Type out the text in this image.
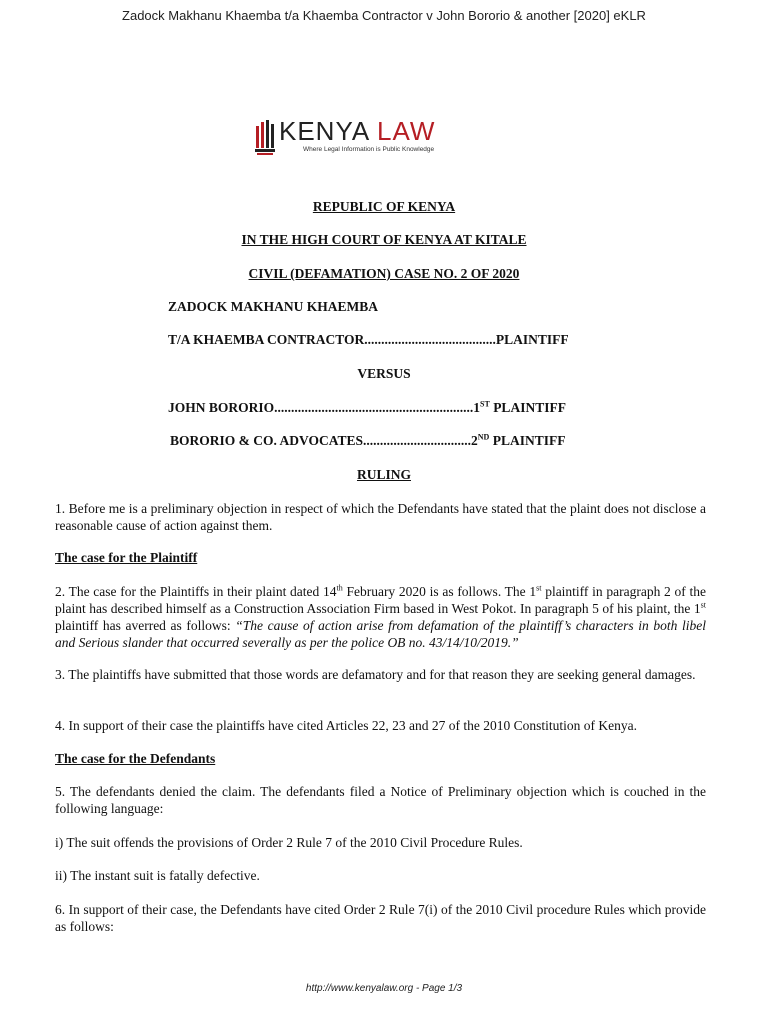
Zadock Makhanu Khaemba t/a Khaemba Contractor v John Bororio & another [2020] eKLR
KENYA LAW
Where Legal Information is Public Knowledge
REPUBLIC OF KENYA
IN THE HIGH COURT OF KENYA AT KITALE
CIVIL (DEFAMATION) CASE NO. 2 OF 2020
ZADOCK MAKHANU KHAEMBA
T/A KHAEMBA CONTRACTOR.......................................PLAINTIFF
VERSUS
JOHN BORORIO...........................................................1ST PLAINTIFF
BORORIO & CO. ADVOCATES................................2ND PLAINTIFF
RULING

1. Before me is a preliminary objection in respect of which the Defendants have stated that the plaint does not disclose a reasonable cause of action against them.

The case for the Plaintiff

2. The case for the Plaintiffs in their plaint dated 14th February 2020 is as follows. The 1st plaintiff in paragraph 2 of the plaint has described himself as a Construction Association Firm based in West Pokot. In paragraph 5 of his plaint, the 1st plaintiff has averred as follows: “The cause of action arise from defamation of the plaintiff’s characters in both libel and Serious slander that occurred severally as per the police OB no. 43/14/10/2019.”

3. The plaintiffs have submitted that those words are defamatory and for that reason they are seeking general damages.

4. In support of their case the plaintiffs have cited Articles 22, 23 and 27 of the 2010 Constitution of Kenya.

The case for the Defendants

5. The defendants denied the claim. The defendants filed a Notice of Preliminary objection which is couched in the following language:

i) The suit offends the provisions of Order 2 Rule 7 of the 2010 Civil Procedure Rules.

ii) The instant suit is fatally defective.

6. In support of their case, the Defendants have cited Order 2 Rule 7(i) of the 2010 Civil procedure Rules which provide as follows:

http://www.kenyalaw.org - Page 1/3
